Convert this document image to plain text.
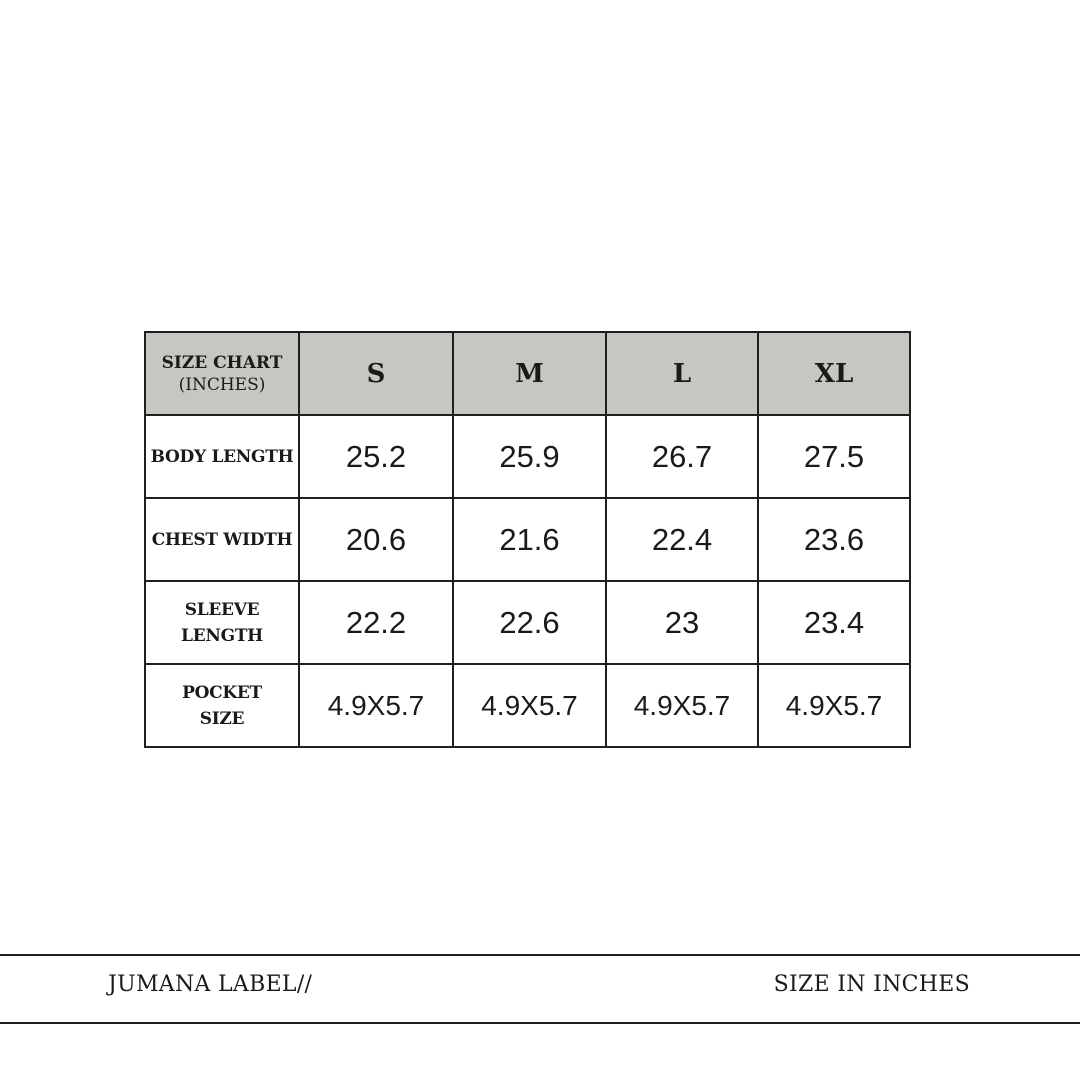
SIZE CHART
(INCHES)	S	M	L	XL
BODY LENGTH	25.2	25.9	26.7	27.5
CHEST WIDTH	20.6	21.6	22.4	23.6
SLEEVE
LENGTH	22.2	22.6	23	23.4
POCKET
SIZE	4.9X5.7	4.9X5.7	4.9X5.7	4.9X5.7
JUMANA LABEL//	SIZE IN INCHES
